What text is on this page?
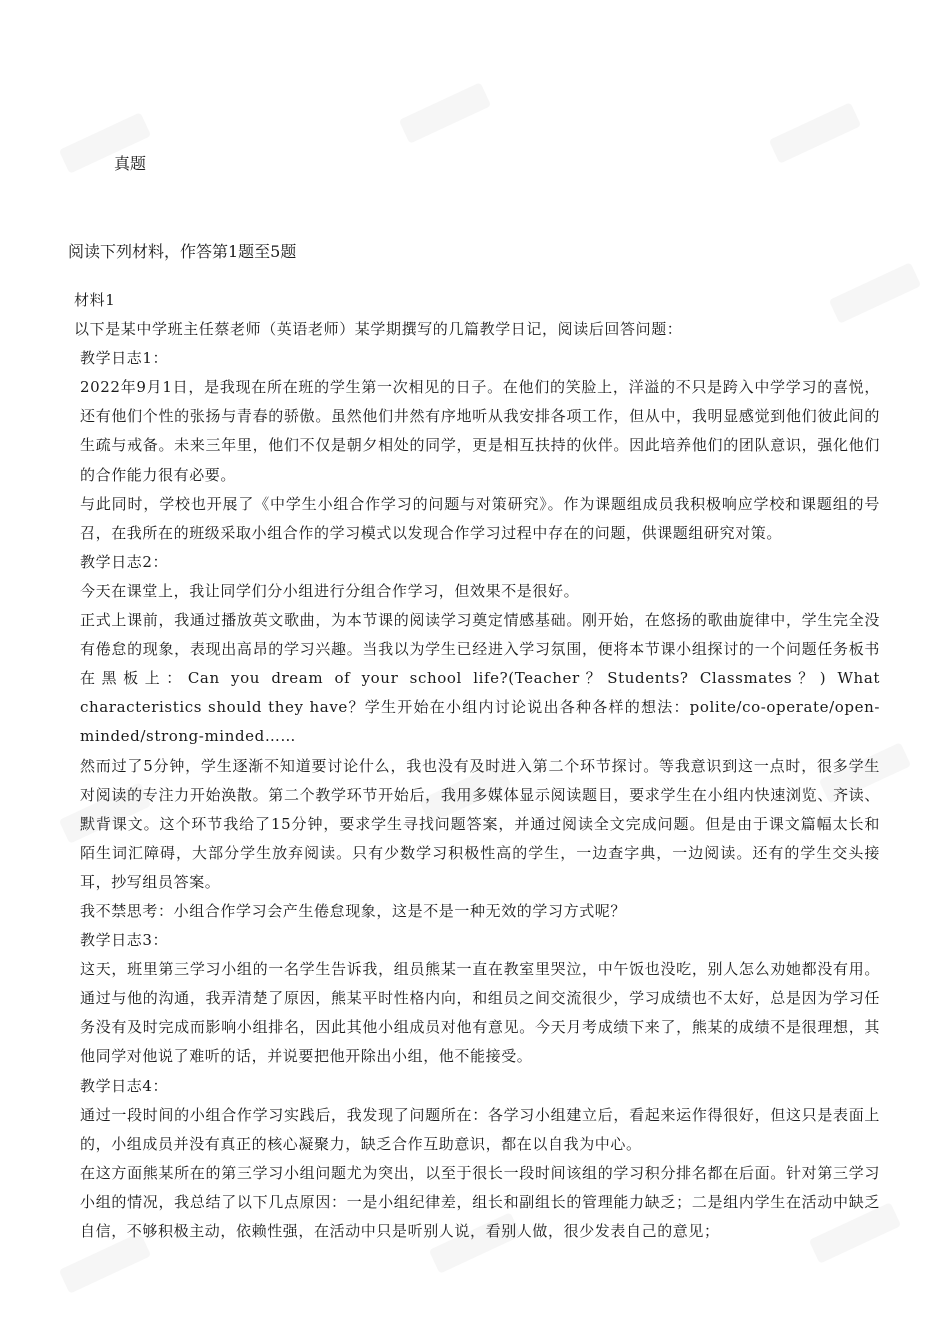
真题
阅读下列材料，作答第1题至5题

材料1

以下是某中学班主任蔡老师（英语老师）某学期撰写的几篇教学日记，阅读后回答问题：

教学日志1：

2022年9月1日，是我现在所在班的学生第一次相见的日子。在他们的笑脸上，洋溢的不只是跨入中学学习的喜悦，还有他们个性的张扬与青春的骄傲。虽然他们井然有序地听从我安排各项工作，但从中，我明显感觉到他们彼此间的生疏与戒备。未来三年里，他们不仅是朝夕相处的同学，更是相互扶持的伙伴。因此培养他们的团队意识，强化他们的合作能力很有必要。

与此同时，学校也开展了《中学生小组合作学习的问题与对策研究》。作为课题组成员我积极响应学校和课题组的号召，在我所在的班级采取小组合作的学习模式以发现合作学习过程中存在的问题，供课题组研究对策。

教学日志2：

今天在课堂上，我让同学们分小组进行分组合作学习，但效果不是很好。

正式上课前，我通过播放英文歌曲，为本节课的阅读学习奠定情感基础。刚开始，在悠扬的歌曲旋律中，学生完全没有倦怠的现象，表现出高昂的学习兴趣。当我以为学生已经进入学习氛围，便将本节课小组探讨的一个问题任务板书在黑板上：Can you dream of your school life?(Teacher？Students? Classmates？) What characteristics should they have？学生开始在小组内讨论说出各种各样的想法：polite/co-operate/open-minded/strong-minded……

然而过了5分钟，学生逐渐不知道要讨论什么，我也没有及时进入第二个环节探讨。等我意识到这一点时，很多学生对阅读的专注力开始涣散。第二个教学环节开始后，我用多媒体显示阅读题目，要求学生在小组内快速浏览、齐读、默背课文。这个环节我给了15分钟，要求学生寻找问题答案，并通过阅读全文完成问题。但是由于课文篇幅太长和陌生词汇障碍，大部分学生放弃阅读。只有少数学习积极性高的学生，一边查字典，一边阅读。还有的学生交头接耳，抄写组员答案。

我不禁思考：小组合作学习会产生倦怠现象，这是不是一种无效的学习方式呢？

教学日志3：

这天，班里第三学习小组的一名学生告诉我，组员熊某一直在教室里哭泣，中午饭也没吃，别人怎么劝她都没有用。通过与他的沟通，我弄清楚了原因，熊某平时性格内向，和组员之间交流很少，学习成绩也不太好，总是因为学习任务没有及时完成而影响小组排名，因此其他小组成员对他有意见。今天月考成绩下来了，熊某的成绩不是很理想，其他同学对他说了难听的话，并说要把他开除出小组，他不能接受。

教学日志4：

通过一段时间的小组合作学习实践后，我发现了问题所在：各学习小组建立后，看起来运作得很好，但这只是表面上的，小组成员并没有真正的核心凝聚力，缺乏合作互助意识，都在以自我为中心。

在这方面熊某所在的第三学习小组问题尤为突出，以至于很长一段时间该组的学习积分排名都在后面。针对第三学习小组的情况，我总结了以下几点原因：一是小组纪律差，组长和副组长的管理能力缺乏；二是组内学生在活动中缺乏自信，不够积极主动，依赖性强，在活动中只是听别人说，看别人做，很少发表自己的意见；
